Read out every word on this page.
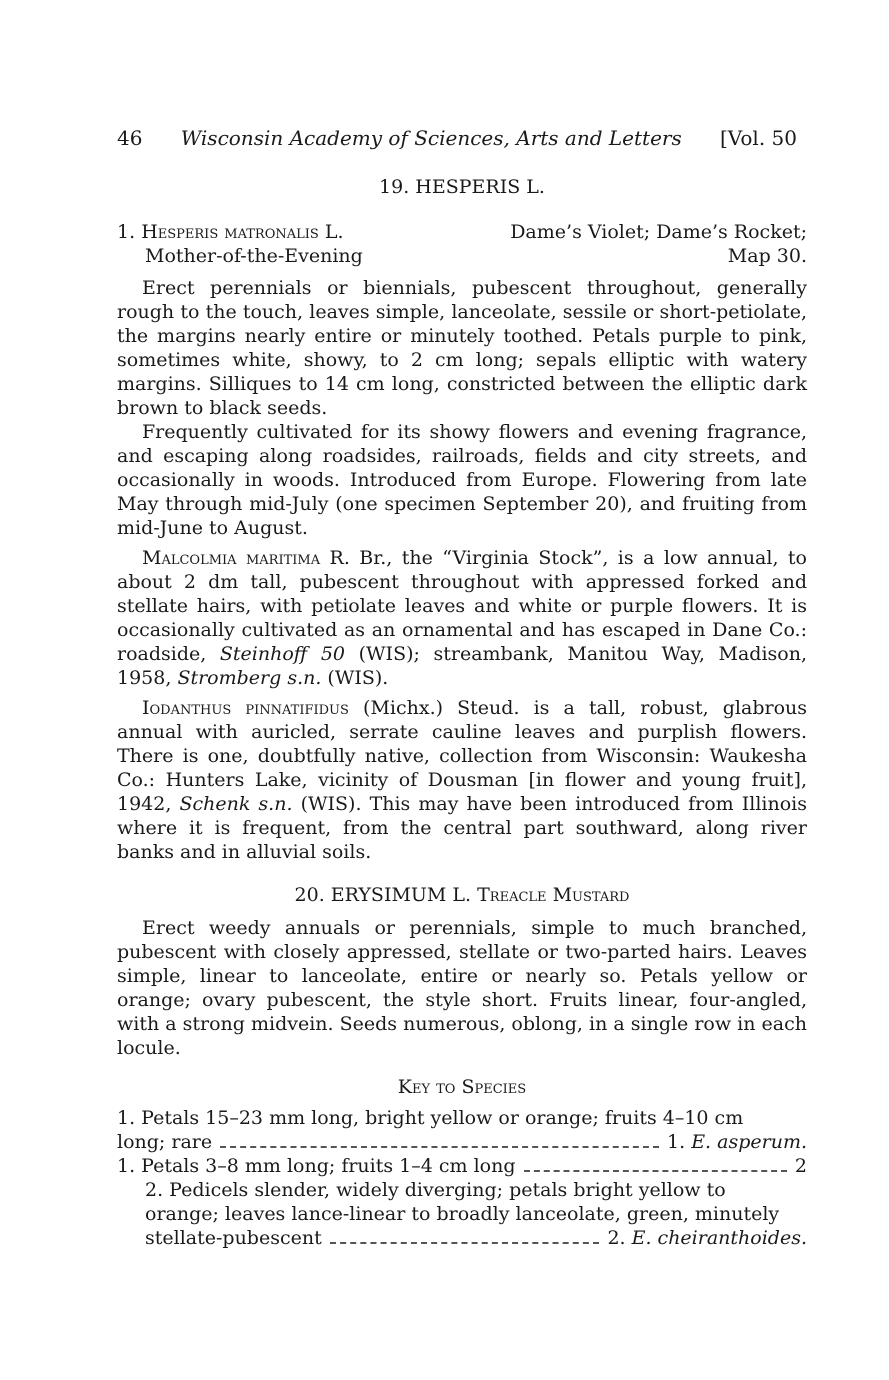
46 Wisconsin Academy of Sciences, Arts and Letters [Vol. 50
19. HESPERIS L.
1. Hesperis matronalis L.	Dame’s Violet; Dame’s Rocket;
Mother-of-the-Evening	Map 30.

Erect perennials or biennials, pubescent throughout, generally rough to the touch, leaves simple, lanceolate, sessile or short-petiolate, the margins nearly entire or minutely toothed. Petals purple to pink, sometimes white, showy, to 2 cm long; sepals elliptic with watery margins. Silliques to 14 cm long, constricted between the elliptic dark brown to black seeds.

Frequently cultivated for its showy flowers and evening fragrance, and escaping along roadsides, railroads, fields and city streets, and occasionally in woods. Introduced from Europe. Flowering from late May through mid-July (one specimen September 20), and fruiting from mid-June to August.

Malcolmia maritima R. Br., the “Virginia Stock”, is a low annual, to about 2 dm tall, pubescent throughout with appressed forked and stellate hairs, with petiolate leaves and white or purple flowers. It is occasionally cultivated as an ornamental and has escaped in Dane Co.: roadside, Steinhoff 50 (WIS); streambank, Manitou Way, Madison, 1958, Stromberg s.n. (WIS).

Iodanthus pinnatifidus (Michx.) Steud. is a tall, robust, glabrous annual with auricled, serrate cauline leaves and purplish flowers. There is one, doubtfully native, collection from Wisconsin: Waukesha Co.: Hunters Lake, vicinity of Dousman [in flower and young fruit], 1942, Schenk s.n. (WIS). This may have been introduced from Illinois where it is frequent, from the central part southward, along river banks and in alluvial soils.

20. ERYSIMUM L. Treacle Mustard

Erect weedy annuals or perennials, simple to much branched, pubescent with closely appressed, stellate or two-parted hairs. Leaves simple, linear to lanceolate, entire or nearly so. Petals yellow or orange; ovary pubescent, the style short. Fruits linear, four-angled, with a strong midvein. Seeds numerous, oblong, in a single row in each locule.

Key to Species
1. Petals 15–23 mm long, bright yellow or orange; fruits 4–10 cm
long; rare	1. E. asperum.
1. Petals 3–8 mm long; fruits 1–4 cm long	2

2. Pedicels slender, widely diverging; petals bright yellow to

orange; leaves lance-linear to broadly lanceolate, green, minutely

stellate-pubescent	2. E. cheiranthoides.
